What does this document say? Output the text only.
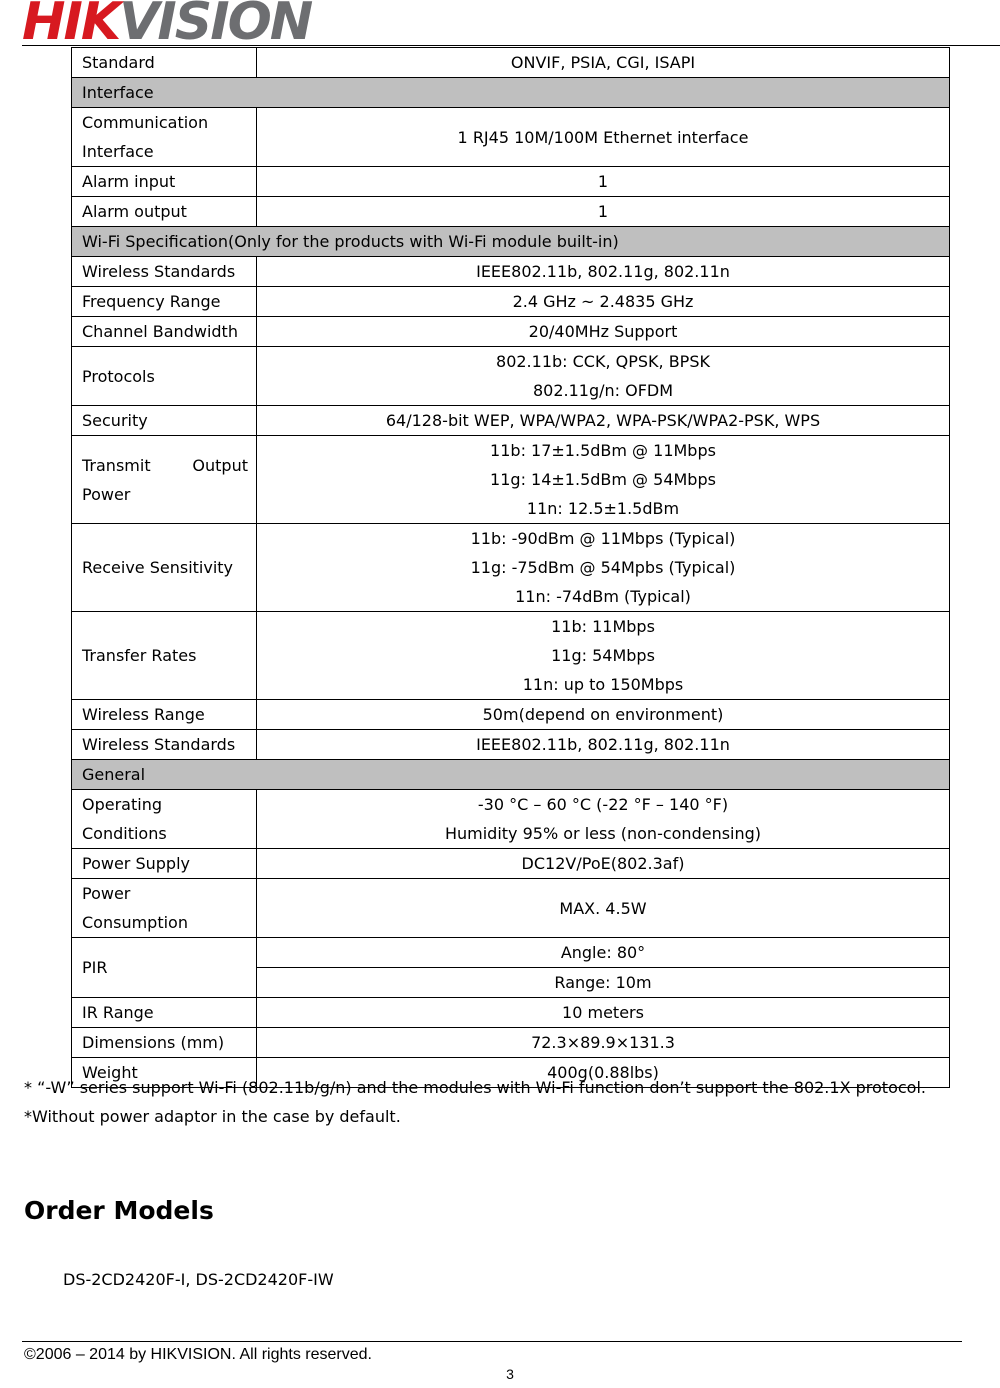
HIKVISION
Standard	ONVIF, PSIA, CGI, ISAPI
Interface	
Communication
Interface	1 RJ45 10M/100M Ethernet interface
Alarm input	1
Alarm output	1
Wi-Fi Specification(Only for the products with Wi-Fi module built-in)	
Wireless Standards	IEEE802.11b, 802.11g, 802.11n
Frequency Range	2.4 GHz ~ 2.4835 GHz
Channel Bandwidth	20/40MHz Support
Protocols	802.11b: CCK, QPSK, BPSK
802.11g/n: OFDM
Security	64/128-bit WEP, WPA/WPA2, WPA-PSK/WPA2-PSK, WPS
Transmit Output Power	11b: 17±1.5dBm @ 11Mbps
11g: 14±1.5dBm @ 54Mbps
11n: 12.5±1.5dBm
Receive Sensitivity	11b: -90dBm @ 11Mbps (Typical)
11g: -75dBm @ 54Mpbs (Typical)
11n: -74dBm (Typical)
Transfer Rates	11b: 11Mbps
11g: 54Mbps
11n: up to 150Mbps
Wireless Range	50m(depend on environment)
Wireless Standards	IEEE802.11b, 802.11g, 802.11n
General	
Operating
Conditions	-30 °C – 60 °C (-22 °F – 140 °F)
Humidity 95% or less (non-condensing)
Power Supply	DC12V/PoE(802.3af)
Power
Consumption	MAX. 4.5W
PIR	Angle: 80°
	Range: 10m
IR Range	10 meters
Dimensions (mm)	72.3×89.9×131.3
Weight	400g(0.88lbs)
* “-W” series support Wi-Fi (802.11b/g/n) and the modules with Wi-Fi function don’t support the 802.1X protocol.
*Without power adaptor in the case by default.
Order Models
DS-2CD2420F-I, DS-2CD2420F-IW
©2006 – 2014 by HIKVISION. All rights reserved.
3
